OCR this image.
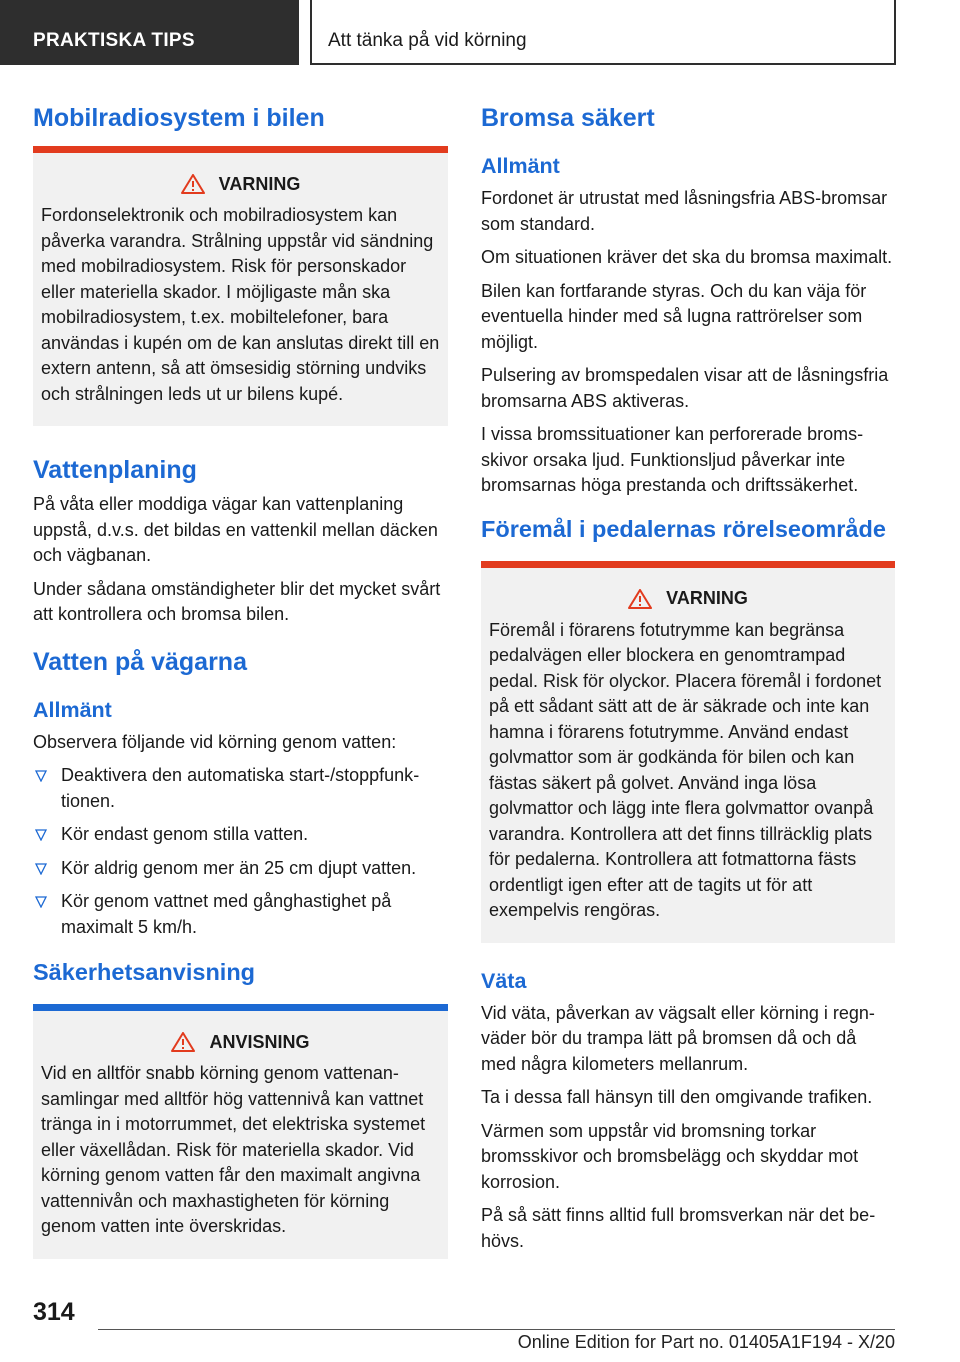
PRAKTISKA TIPS	Att tänka på vid körning
Mobilradiosystem i bilen
VARNING

Fordonselektronik och mobilradiosystem kan påverka varandra. Strålning uppstår vid sändning med mobilradiosystem. Risk för personskador eller materiella skador. I möjligaste mån ska mobilradiosystem, t.ex. mobiltelefoner, bara användas i kupén om de kan anslutas direkt till en extern antenn, så att ömsesidig störning undviks och strålningen leds ut ur bilens kupé.

Vattenplaning

På våta eller moddiga vägar kan vattenplaning uppstå, d.v.s. det bildas en vattenkil mellan däcken och vägbanan.

Under sådana omständigheter blir det mycket svårt att kontrollera och bromsa bilen.

Vatten på vägarna
Allmänt

Observera följande vid körning genom vatten:

Deaktivera den automatiska start-/stoppfunktionen.
Kör endast genom stilla vatten.
Kör aldrig genom mer än 25 cm djupt vatten.
Kör genom vattnet med gånghastighet på maximalt 5 km/h.
Säkerhetsanvisning
ANVISNING

Vid en alltför snabb körning genom vattenansamlingar med alltför hög vattennivå kan vattnet tränga in i motorrummet, det elektriska systemet eller växellådan. Risk för materiella skador. Vid körning genom vatten får den maximalt angivna vattennivån och maxhastigheten för körning genom vatten inte överskridas.

Bromsa säkert
Allmänt

Fordonet är utrustat med låsningsfria ABS-bromsar som standard.

Om situationen kräver det ska du bromsa maximalt.

Bilen kan fortfarande styras. Och du kan väja för eventuella hinder med så lugna rattrörelser som möjligt.

Pulsering av bromspedalen visar att de låsningsfria bromsarna ABS aktiveras.

I vissa bromssituationer kan perforerade bromsskivor orsaka ljud. Funktionsljud påverkar inte bromsarnas höga prestanda och driftssäkerhet.

Föremål i pedalernas rörelseområde
VARNING

Föremål i förarens fotutrymme kan begränsa pedalvägen eller blockera en genomtrampad pedal. Risk för olyckor. Placera föremål i fordonet på ett sådant sätt att de är säkrade och inte kan hamna i förarens fotutrymme. Använd endast golvmattor som är godkända för bilen och kan fästas säkert på golvet. Använd inga lösa golvmattor och lägg inte flera golvmattor ovanpå varandra. Kontrollera att det finns tillräcklig plats för pedalerna. Kontrollera att fotmattorna fästs ordentligt igen efter att de tagits ut för att exempelvis rengöras.

Väta

Vid väta, påverkan av vägsalt eller körning i regnväder bör du trampa lätt på bromsen då och då med några kilometers mellanrum.

Ta i dessa fall hänsyn till den omgivande trafiken.

Värmen som uppstår vid bromsning torkar bromsskivor och bromsbelägg och skyddar mot korrosion.

På så sätt finns alltid full bromsverkan när det behövs.

314
Online Edition for Part no. 01405A1F194 - X/20
